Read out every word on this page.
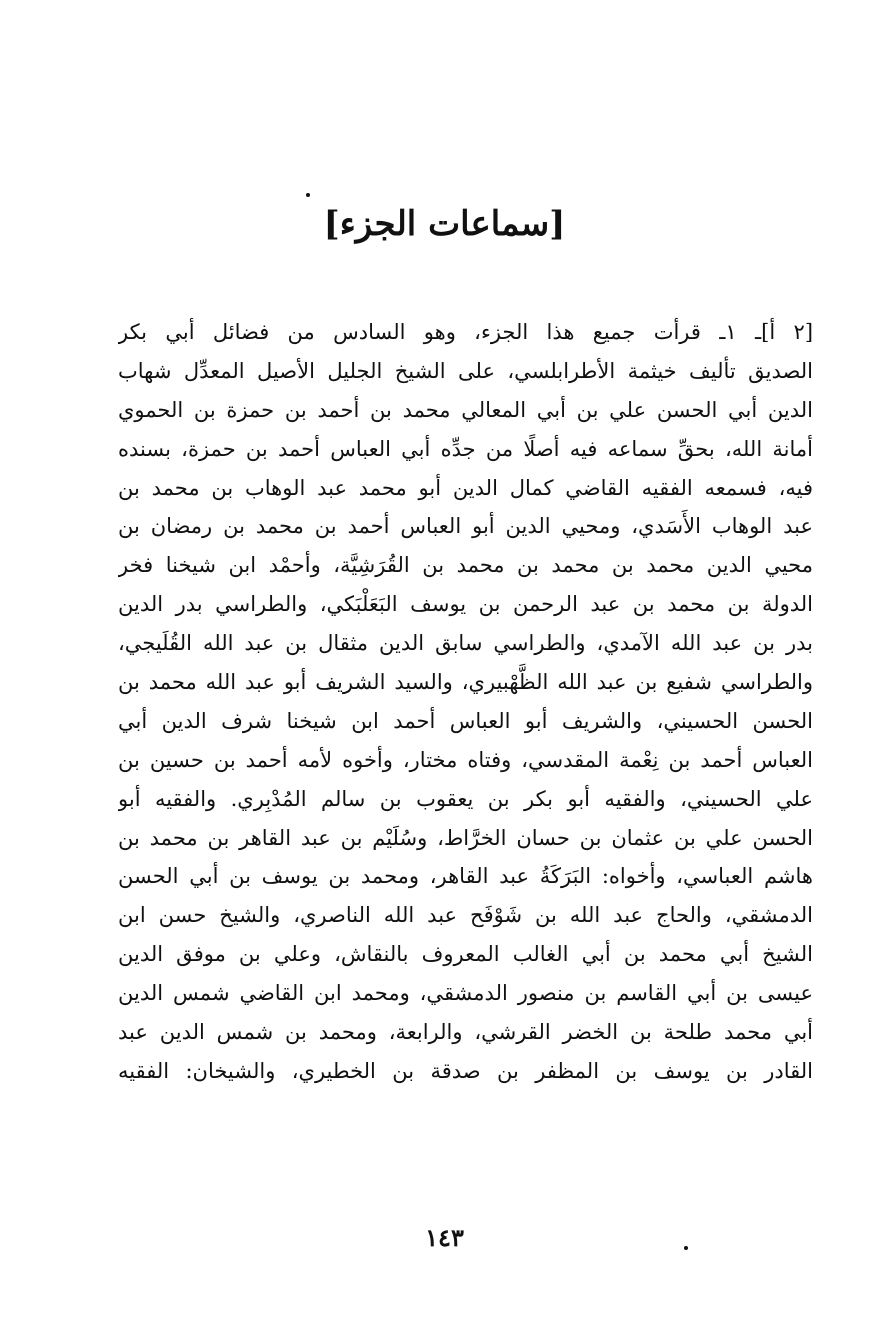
[سماعات الجزء]
[٢ أ]ـ ١ـ قرأت جميع هذا الجزء، وهو السادس من فضائل أبي بكر
الصديق تأليف خيثمة الأطرابلسي، على الشيخ الجليل الأصيل المعدِّل شهاب
الدين أبي الحسن علي بن أبي المعالي محمد بن أحمد بن حمزة بن الحموي
أمانة الله، بحقِّ سماعه فيه أصلًا من جدِّه أبي العباس أحمد بن حمزة، بسنده
فيه، فسمعه الفقيه القاضي كمال الدين أبو محمد عبد الوهاب بن محمد بن
عبد الوهاب الأَسَدي، ومحيي الدين أبو العباس أحمد بن محمد بن رمضان بن
محيي الدين محمد بن محمد بن محمد بن القُرَشِيَّة، وأحمْد ابن شيخنا فخر
الدولة بن محمد بن عبد الرحمن بن يوسف البَعَلْبَكي، والطراسي بدر الدين
بدر بن عبد الله الآمدي، والطراسي سابق الدين مثقال بن عبد الله القُلَيجي،
والطراسي شفيع بن عبد الله الظَّهْبيري، والسيد الشريف أبو عبد الله محمد بن
الحسن الحسيني، والشريف أبو العباس أحمد ابن شيخنا شرف الدين أبي
العباس أحمد بن نِعْمة المقدسي، وفتاه مختار، وأخوه لأمه أحمد بن حسين بن
علي الحسيني، والفقيه أبو بكر بن يعقوب بن سالم المُدْبِري. والفقيه أبو
الحسن علي بن عثمان بن حسان الخرَّاط، وسُلَيْم بن عبد القاهر بن محمد بن
هاشم العباسي، وأخواه: البَرَكَةُ عبد القاهر، ومحمد بن يوسف بن أبي الحسن
الدمشقي، والحاج عبد الله بن شَوْفَح عبد الله الناصري، والشيخ حسن ابن
الشيخ أبي محمد بن أبي الغالب المعروف بالنقاش، وعلي بن موفق الدين
عيسى بن أبي القاسم بن منصور الدمشقي، ومحمد ابن القاضي شمس الدين
أبي محمد طلحة بن الخضر القرشي، والرابعة، ومحمد بن شمس الدين عبد
القادر بن يوسف بن المظفر بن صدقة بن الخطيري، والشيخان: الفقيه
١٤٣
